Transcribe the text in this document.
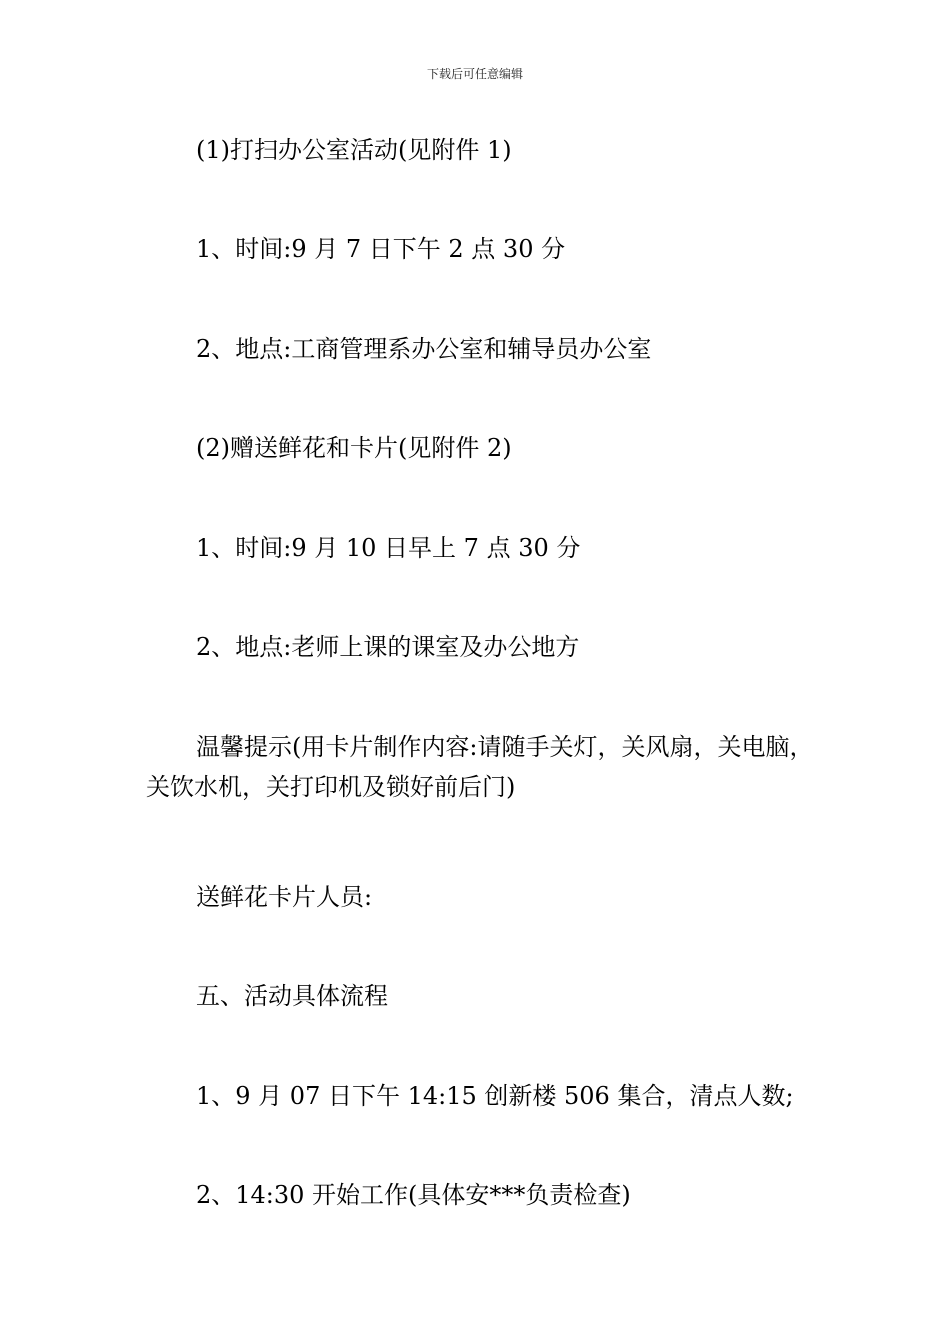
下载后可任意编辑

(1)打扫办公室活动(见附件 1)

1、时间:9 月 7 日下午 2 点 30 分

2、地点:工商管理系办公室和辅导员办公室

(2)赠送鲜花和卡片(见附件 2)

1、时间:9 月 10 日早上 7 点 30 分

2、地点:老师上课的课室及办公地方

温馨提示(用卡片制作内容:请随手关灯，关风扇，关电脑，关饮水机，关打印机及锁好前后门)

送鲜花卡片人员:

五、活动具体流程

1、9 月 07 日下午 14:15 创新楼 506 集合，清点人数;

2、14:30 开始工作(具体安***负责检查)
